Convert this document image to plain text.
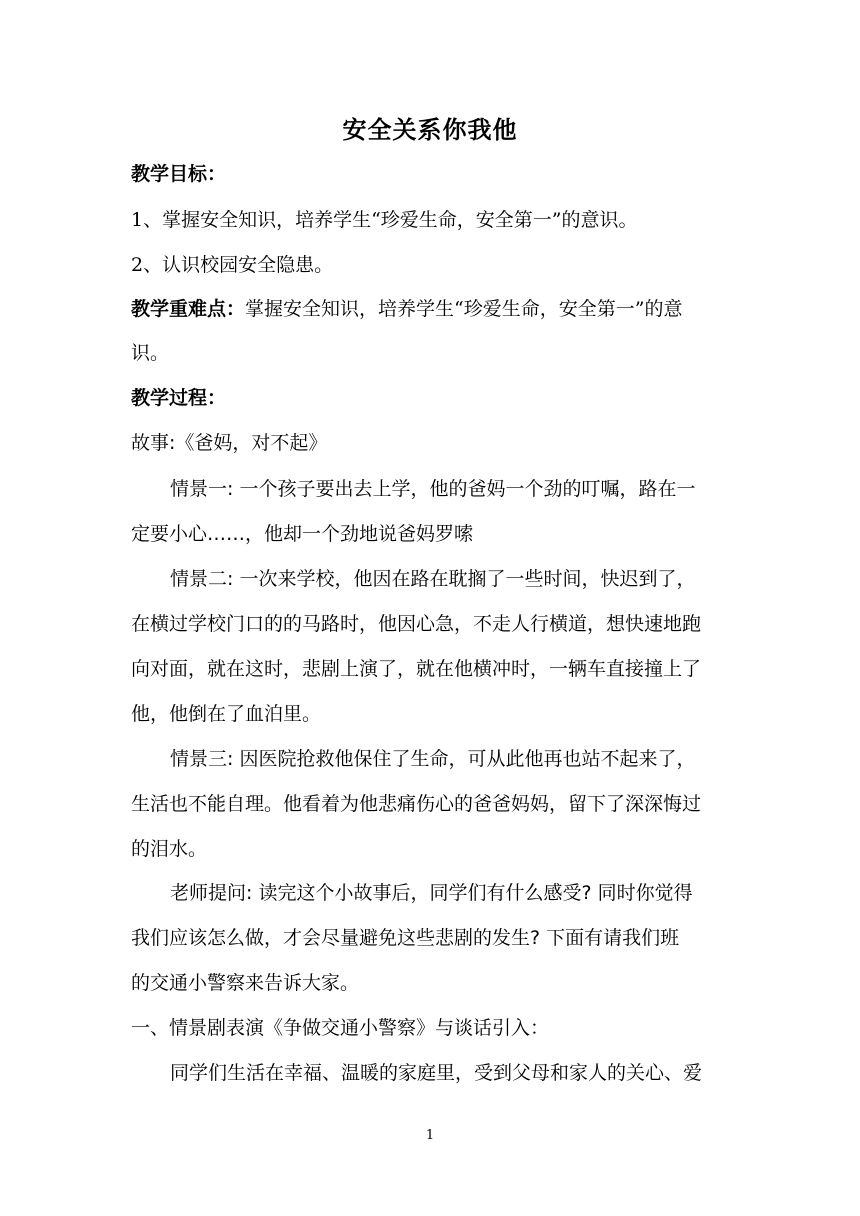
安全关系你我他
教学目标：
1、掌握安全知识，培养学生“珍爱生命，安全第一”的意识。
2、认识校园安全隐患。
教学重难点：掌握安全知识，培养学生“珍爱生命，安全第一”的意
识。
教学过程：
故事:《爸妈，对不起》
情景一: 一个孩子要出去上学，他的爸妈一个劲的叮嘱，路在一
定要小心……，他却一个劲地说爸妈罗嗦
情景二: 一次来学校，他因在路在耽搁了一些时间，快迟到了，
在横过学校门口的的马路时，他因心急，不走人行横道，想快速地跑
向对面，就在这时，悲剧上演了，就在他横冲时，一辆车直接撞上了
他，他倒在了血泊里。
情景三: 因医院抢救他保住了生命，可从此他再也站不起来了，
生活也不能自理。他看着为他悲痛伤心的爸爸妈妈，留下了深深悔过
的泪水。
老师提问: 读完这个小故事后，同学们有什么感受? 同时你觉得
我们应该怎么做，才会尽量避免这些悲剧的发生? 下面有请我们班
的交通小警察来告诉大家。
一、情景剧表演《争做交通小警察》与谈话引入：
同学们生活在幸福、温暖的家庭里，受到父母和家人的关心、爱
1
